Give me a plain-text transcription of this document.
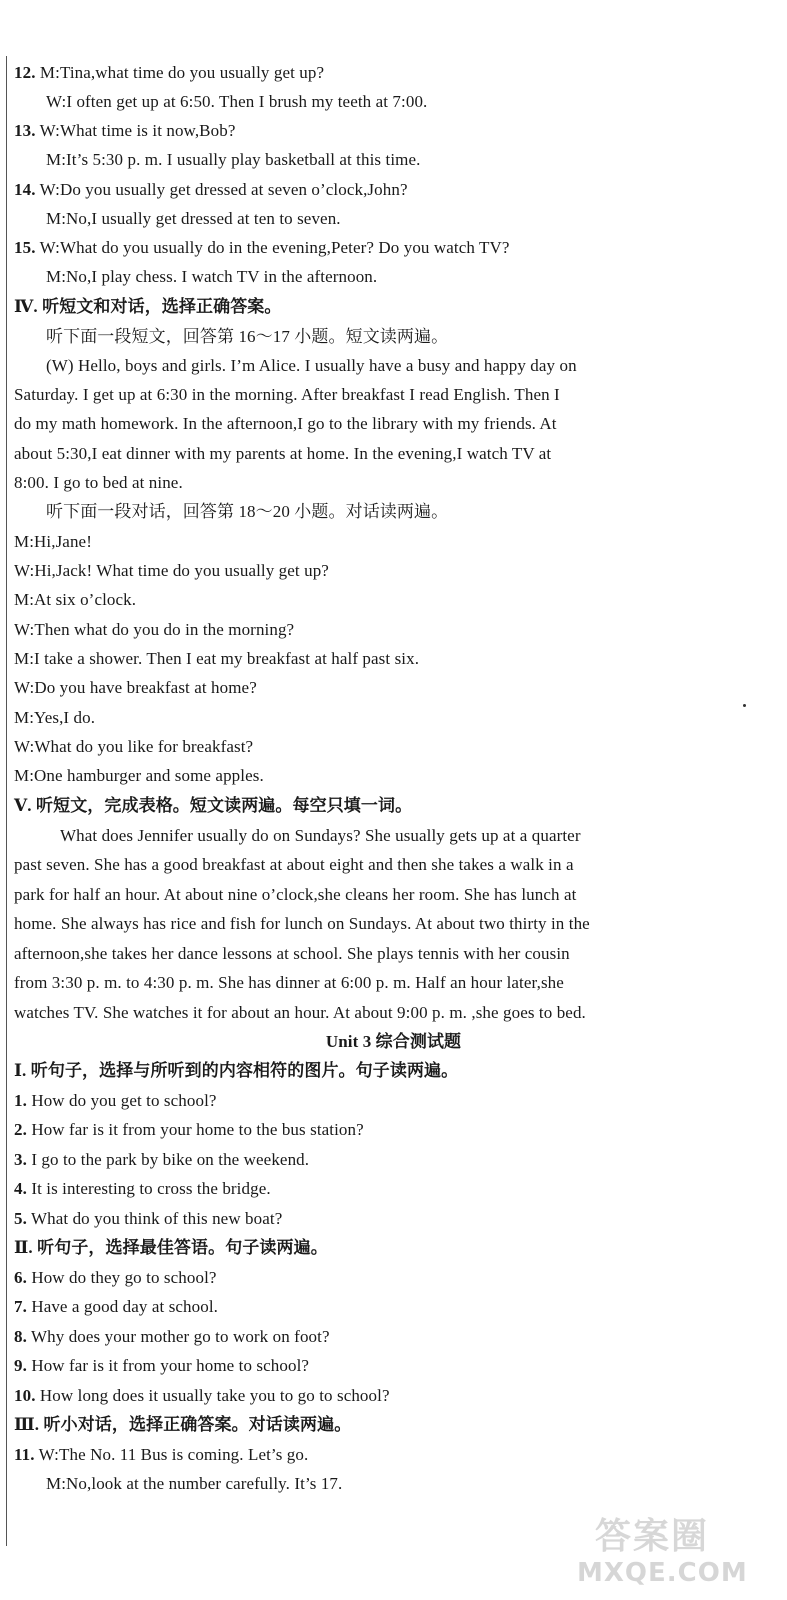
12. M:Tina,what time do you usually get up?
W:I often get up at 6:50. Then I brush my teeth at 7:00.
13. W:What time is it now,Bob?
M:It’s 5:30 p. m. I usually play basketball at this time.
14. W:Do you usually get dressed at seven o’clock,John?
M:No,I usually get dressed at ten to seven.
15. W:What do you usually do in the evening,Peter? Do you watch TV?
M:No,I play chess. I watch TV in the afternoon.
Ⅳ. 听短文和对话，选择正确答案。
听下面一段短文，回答第 16～17 小题。短文读两遍。
(W) Hello, boys and girls. I’m Alice. I usually have a busy and happy day on
Saturday. I get up at 6:30 in the morning. After breakfast I read English. Then I
do my math homework. In the afternoon,I go to the library with my friends. At
about 5:30,I eat dinner with my parents at home. In the evening,I watch TV at
8:00. I go to bed at nine.
听下面一段对话，回答第 18～20 小题。对话读两遍。
M:Hi,Jane!
W:Hi,Jack! What time do you usually get up?
M:At six o’clock.
W:Then what do you do in the morning?
M:I take a shower. Then I eat my breakfast at half past six.
W:Do you have breakfast at home?
M:Yes,I do.
W:What do you like for breakfast?
M:One hamburger and some apples.
Ⅴ. 听短文，完成表格。短文读两遍。每空只填一词。
What does Jennifer usually do on Sundays? She usually gets up at a quarter
past seven. She has a good breakfast at about eight and then she takes a walk in a
park for half an hour. At about nine o’clock,she cleans her room. She has lunch at
home. She always has rice and fish for lunch on Sundays. At about two thirty in the
afternoon,she takes her dance lessons at school. She plays tennis with her cousin
from 3:30 p. m. to 4:30 p. m. She has dinner at 6:00 p. m. Half an hour later,she
watches TV. She watches it for about an hour. At about 9:00 p. m. ,she goes to bed.
Unit 3 综合测试题
Ⅰ. 听句子，选择与所听到的内容相符的图片。句子读两遍。
1. How do you get to school?
2. How far is it from your home to the bus station?
3. I go to the park by bike on the weekend.
4. It is interesting to cross the bridge.
5. What do you think of this new boat?
Ⅱ. 听句子，选择最佳答语。句子读两遍。
6. How do they go to school?
7. Have a good day at school.
8. Why does your mother go to work on foot?
9. How far is it from your home to school?
10. How long does it usually take you to go to school?
Ⅲ. 听小对话，选择正确答案。对话读两遍。
11. W:The No. 11 Bus is coming. Let’s go.
M:No,look at the number carefully. It’s 17.
答案圈
MXQE.COM
